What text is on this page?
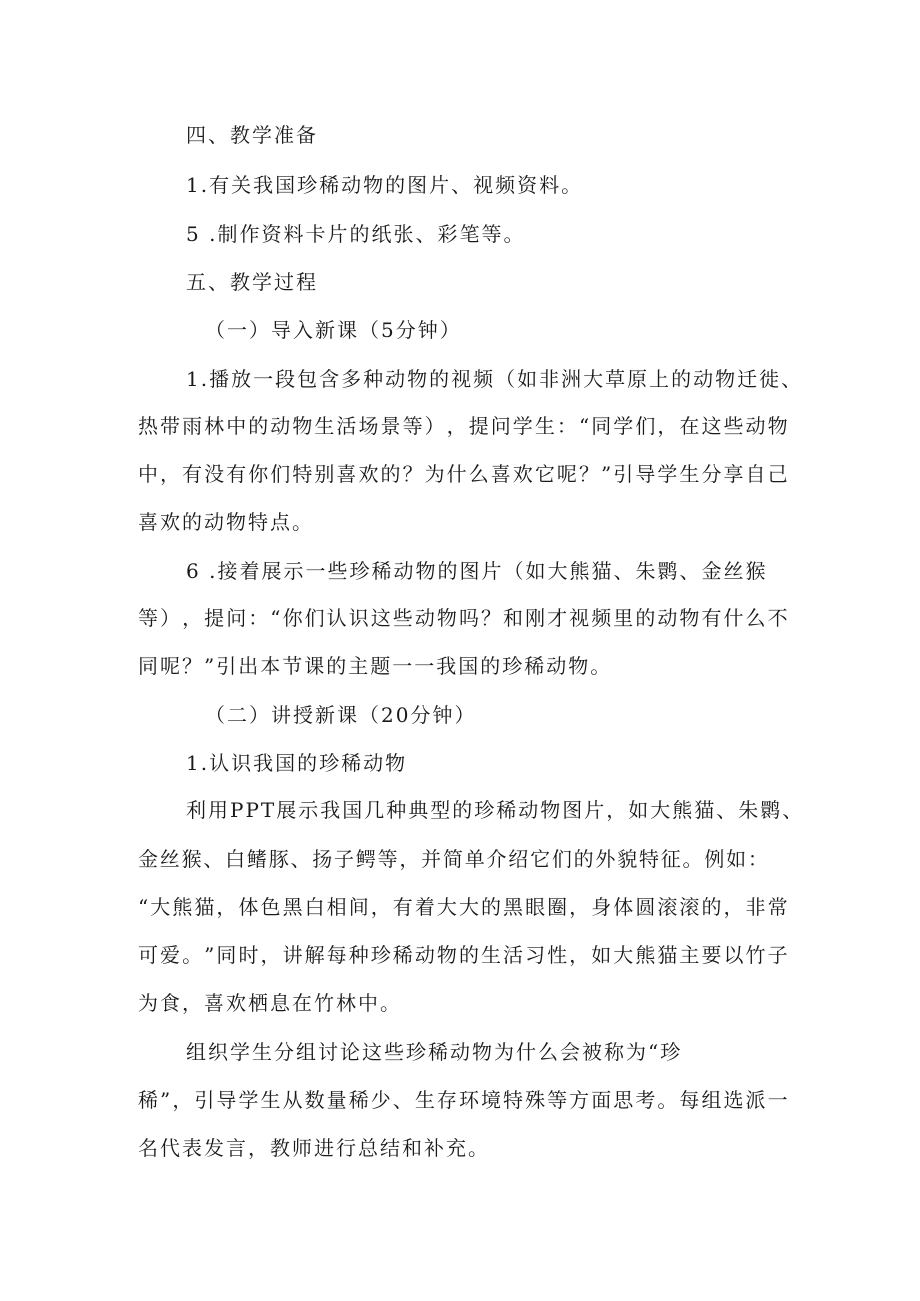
四、教学准备
1.有关我国珍稀动物的图片、视频资料。
5 .制作资料卡片的纸张、彩笔等。
五、教学过程
（一）导入新课（5分钟）
1.播放一段包含多种动物的视频（如非洲大草原上的动物迁徙、
热 带 雨 林 中 的 动 物 生 活 场 景 等 ） ， 提 问 学 生 ： “ 同 学 们 ， 在 这 些 动 物
中 ， 有 没 有 你 们 特 别 喜 欢 的 ？ 为 什 么 喜 欢 它 呢 ？ ” 引 导 学 生 分 享 自 己
喜欢的动物特点。
6 .接着展示一些珍稀动物的图片（如大熊猫、朱鹮、金丝猴
等 ） ， 提 问 ： “ 你 们 认 识 这 些 动 物 吗 ？ 和 刚 才 视 频 里 的 动 物 有 什 么 不
同呢？”引出本节课的主题一一我国的珍稀动物。
（二）讲授新课（20分钟）
1.认识我国的珍稀动物
利用PPT展示我国几种典型的珍稀动物图片，如大熊猫、朱鹮、
金 丝 猴 、 白 鳍 豚 、 扬 子 鳄 等 ， 并 简 单 介 绍 它 们 的 外 貌 特 征 。 例 如 ：
“ 大 熊 猫 ， 体 色 黑 白 相 间 ， 有 着 大 大 的 黑 眼 圈 ， 身 体 圆 滚 滚 的 ， 非 常
可 爱 。 ” 同 时 ， 讲 解 每 种 珍 稀 动 物 的 生 活 习 性 ， 如 大 熊 猫 主 要 以 竹 子
为食，喜欢栖息在竹林中。
组织学生分组讨论这些珍稀动物为什么会被称为“珍
稀 ” ， 引 导 学 生 从 数 量 稀 少 、 生 存 环 境 特 殊 等 方 面 思 考 。 每 组 选 派 一
名代表发言，教师进行总结和补充。
